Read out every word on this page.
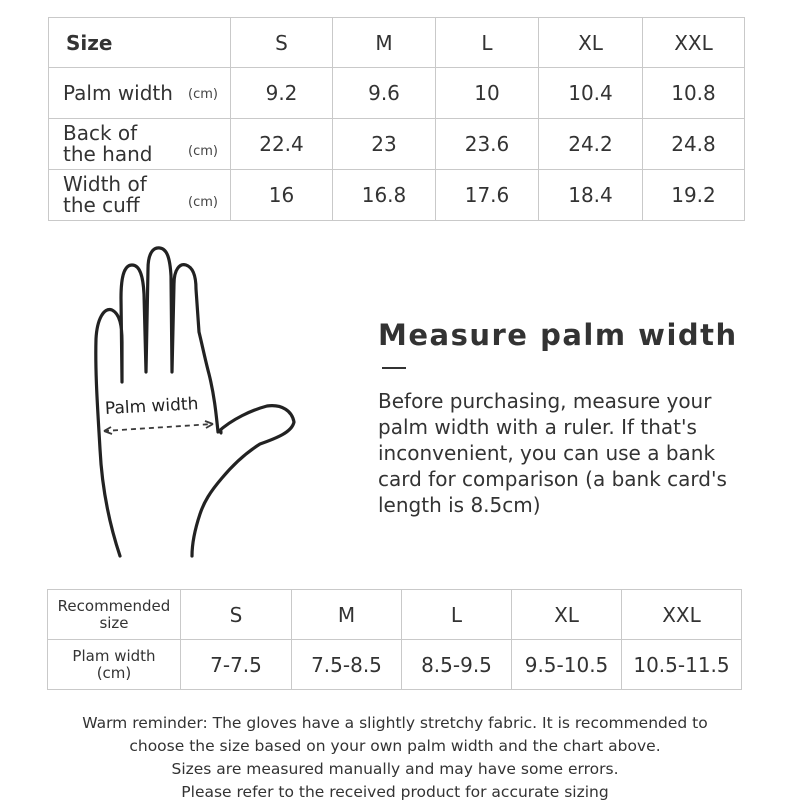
Size	S	M	L	XL	XXL

Palm width (cm)	9.2	9.6	10	10.4	10.8

Back of
the hand (cm)	22.4	23	23.6	24.2	24.8

Width of
the cuff (cm)	16	16.8	17.6	18.4	19.2
Palm width
Measure palm width
Before purchasing, measure your palm width with a ruler. If that's inconvenient, you can use a bank card for comparison (a bank card's length is 8.5cm)
Recommended
size	S	M	L	XL	XXL

Plam width
(cm)	7-7.5	7.5-8.5	8.5-9.5	9.5-10.5	10.5-11.5
Warm reminder: The gloves have a slightly stretchy fabric. It is recommended to
choose the size based on your own palm width and the chart above.
Sizes are measured manually and may have some errors.
Please refer to the received product for accurate sizing
